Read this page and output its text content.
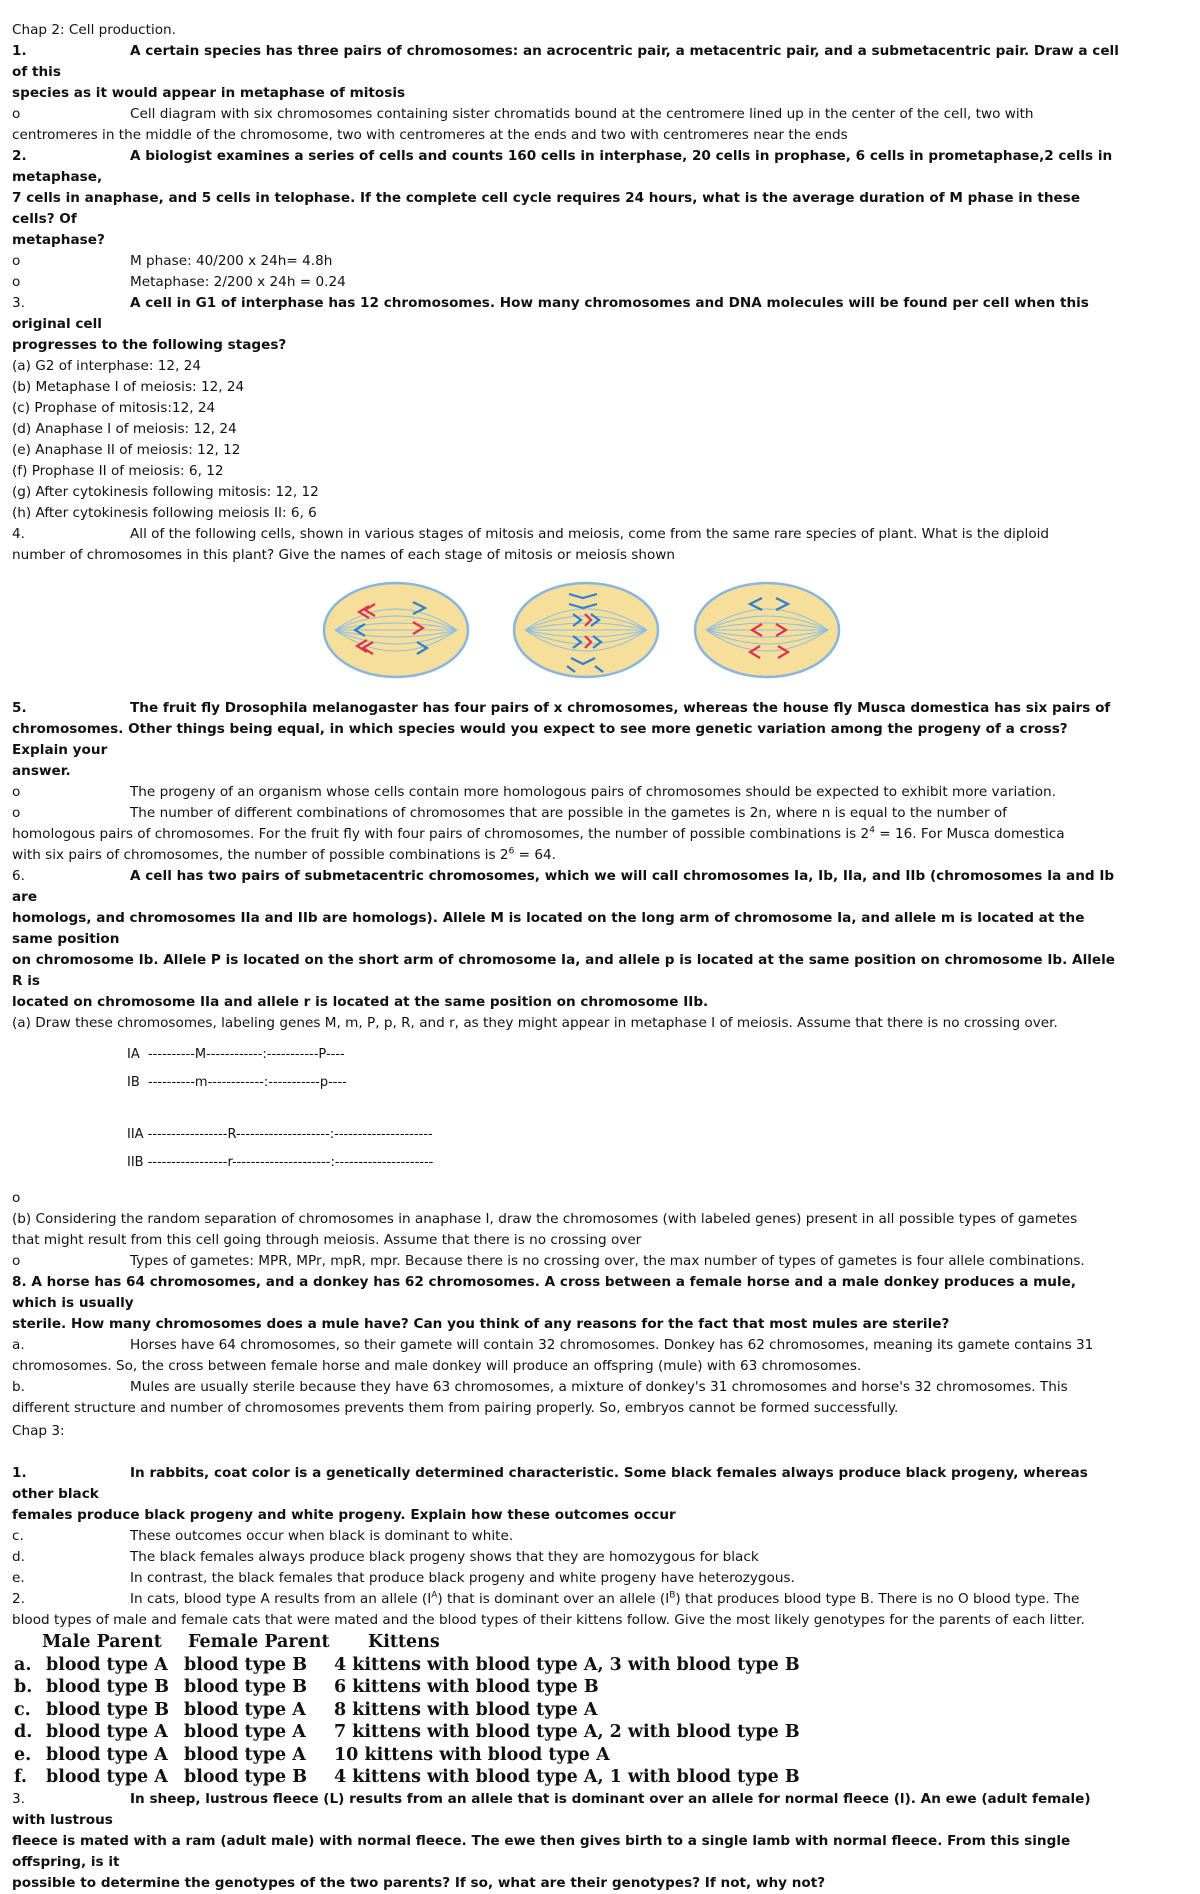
Chap 2: Cell production.

1.	A certain species has three pairs of chromosomes: an acrocentric pair, a metacentric pair, and a submetacentric pair. Draw a cell of this

species as it would appear in metaphase of mitosis

o	Cell diagram with six chromosomes containing sister chromatids bound at the centromere lined up in the center of the cell, two with

centromeres in the middle of the chromosome, two with centromeres at the ends and two with centromeres near the ends

2.	A biologist examines a series of cells and counts 160 cells in interphase, 20 cells in prophase, 6 cells in prometaphase,2 cells in metaphase,

7 cells in anaphase, and 5 cells in telophase. If the complete cell cycle requires 24 hours, what is the average duration of M phase in these cells? Of

metaphase?

o	M phase: 40/200 x 24h= 4.8h

o	Metaphase: 2/200 x 24h = 0.24

3.	A cell in G1 of interphase has 12 chromosomes. How many chromosomes and DNA molecules will be found per cell when this original cell

progresses to the following stages?

(a) G2 of interphase: 12, 24

(b) Metaphase I of meiosis: 12, 24

(c) Prophase of mitosis:12, 24

(d) Anaphase I of meiosis: 12, 24

(e) Anaphase II of meiosis: 12, 12

(f) Prophase II of meiosis: 6, 12

(g) After cytokinesis following mitosis: 12, 12

(h) After cytokinesis following meiosis II: 6, 6

4.	All of the following cells, shown in various stages of mitosis and meiosis, come from the same rare species of plant. What is the diploid

number of chromosomes in this plant? Give the names of each stage of mitosis or meiosis shown

5.	The fruit fly Drosophila melanogaster has four pairs of x chromosomes, whereas the house fly Musca domestica has six pairs of

chromosomes. Other things being equal, in which species would you expect to see more genetic variation among the progeny of a cross? Explain your

answer.

o	The progeny of an organism whose cells contain more homologous pairs of chromosomes should be expected to exhibit more variation.

o	The number of different combinations of chromosomes that are possible in the gametes is 2n, where n is equal to the number of

homologous pairs of chromosomes. For the fruit fly with four pairs of chromosomes, the number of possible combinations is $2^4 = 16$. For Musca domestica

with six pairs of chromosomes, the number of possible combinations is $2^6 = 64$.

6.	A cell has two pairs of submetacentric chromosomes, which we will call chromosomes Ia, Ib, IIa, and IIb (chromosomes Ia and Ib are

homologs, and chromosomes IIa and IIb are homologs). Allele M is located on the long arm of chromosome Ia, and allele m is located at the same position

on chromosome Ib. Allele P is located on the short arm of chromosome Ia, and allele p is located at the same position on chromosome Ib. Allele R is

located on chromosome IIa and allele r is located at the same position on chromosome IIb.

(a) Draw these chromosomes, labeling genes M, m, P, p, R, and r, as they might appear in metaphase I of meiosis. Assume that there is no crossing over.

IA  ----------M------------:-----------P----
IB  ----------m------------:-----------p----
IIA -----------------R--------------------:---------------------
IIB -----------------r---------------------:---------------------

o

(b) Considering the random separation of chromosomes in anaphase I, draw the chromosomes (with labeled genes) present in all possible types of gametes

that might result from this cell going through meiosis. Assume that there is no crossing over

o	Types of gametes: MPR, MPr, mpR, mpr. Because there is no crossing over, the max number of types of gametes is four allele combinations.

8. A horse has 64 chromosomes, and a donkey has 62 chromosomes. A cross between a female horse and a male donkey produces a mule, which is usually

sterile. How many chromosomes does a mule have? Can you think of any reasons for the fact that most mules are sterile?

a.	Horses have 64 chromosomes, so their gamete will contain 32 chromosomes. Donkey has 62 chromosomes, meaning its gamete contains 31

chromosomes. So, the cross between female horse and male donkey will produce an offspring (mule) with 63 chromosomes.

b.	Mules are usually sterile because they have 63 chromosomes, a mixture of donkey's 31 chromosomes and horse's 32 chromosomes. This

different structure and number of chromosomes prevents them from pairing properly. So, embryos cannot be formed successfully.

Chap 3:

1.	In rabbits, coat color is a genetically determined characteristic. Some black females always produce black progeny, whereas other black

females produce black progeny and white progeny. Explain how these outcomes occur

c.	These outcomes occur when black is dominant to white.

d.	The black females always produce black progeny shows that they are homozygous for black

e.	In contrast, the black females that produce black progeny and white progeny have heterozygous.

2.	In cats, blood type A results from an allele $(I^A)$ that is dominant over an allele $(I^B)$ that produces blood type B. There is no O blood type. The

blood types of male and female cats that were mated and the blood types of their kittens follow. Give the most likely genotypes for the parents of each litter.

Male Parent	Female Parent	Kittens
a. blood type A blood type B	4 kittens with blood type A, 3 with blood type B
b. blood type B blood type B	6 kittens with blood type B
c. blood type B blood type A	8 kittens with blood type A
d. blood type A blood type A	7 kittens with blood type A, 2 with blood type B
e. blood type A blood type A	10 kittens with blood type A
f.	blood type A blood type B	4 kittens with blood type A, 1 with blood type B

3.	In sheep, lustrous fleece (L) results from an allele that is dominant over an allele for normal fleece (l). An ewe (adult female) with lustrous

fleece is mated with a ram (adult male) with normal fleece. The ewe then gives birth to a single lamb with normal fleece. From this single offspring, is it

possible to determine the genotypes of the two parents? If so, what are their genotypes? If not, why not?
